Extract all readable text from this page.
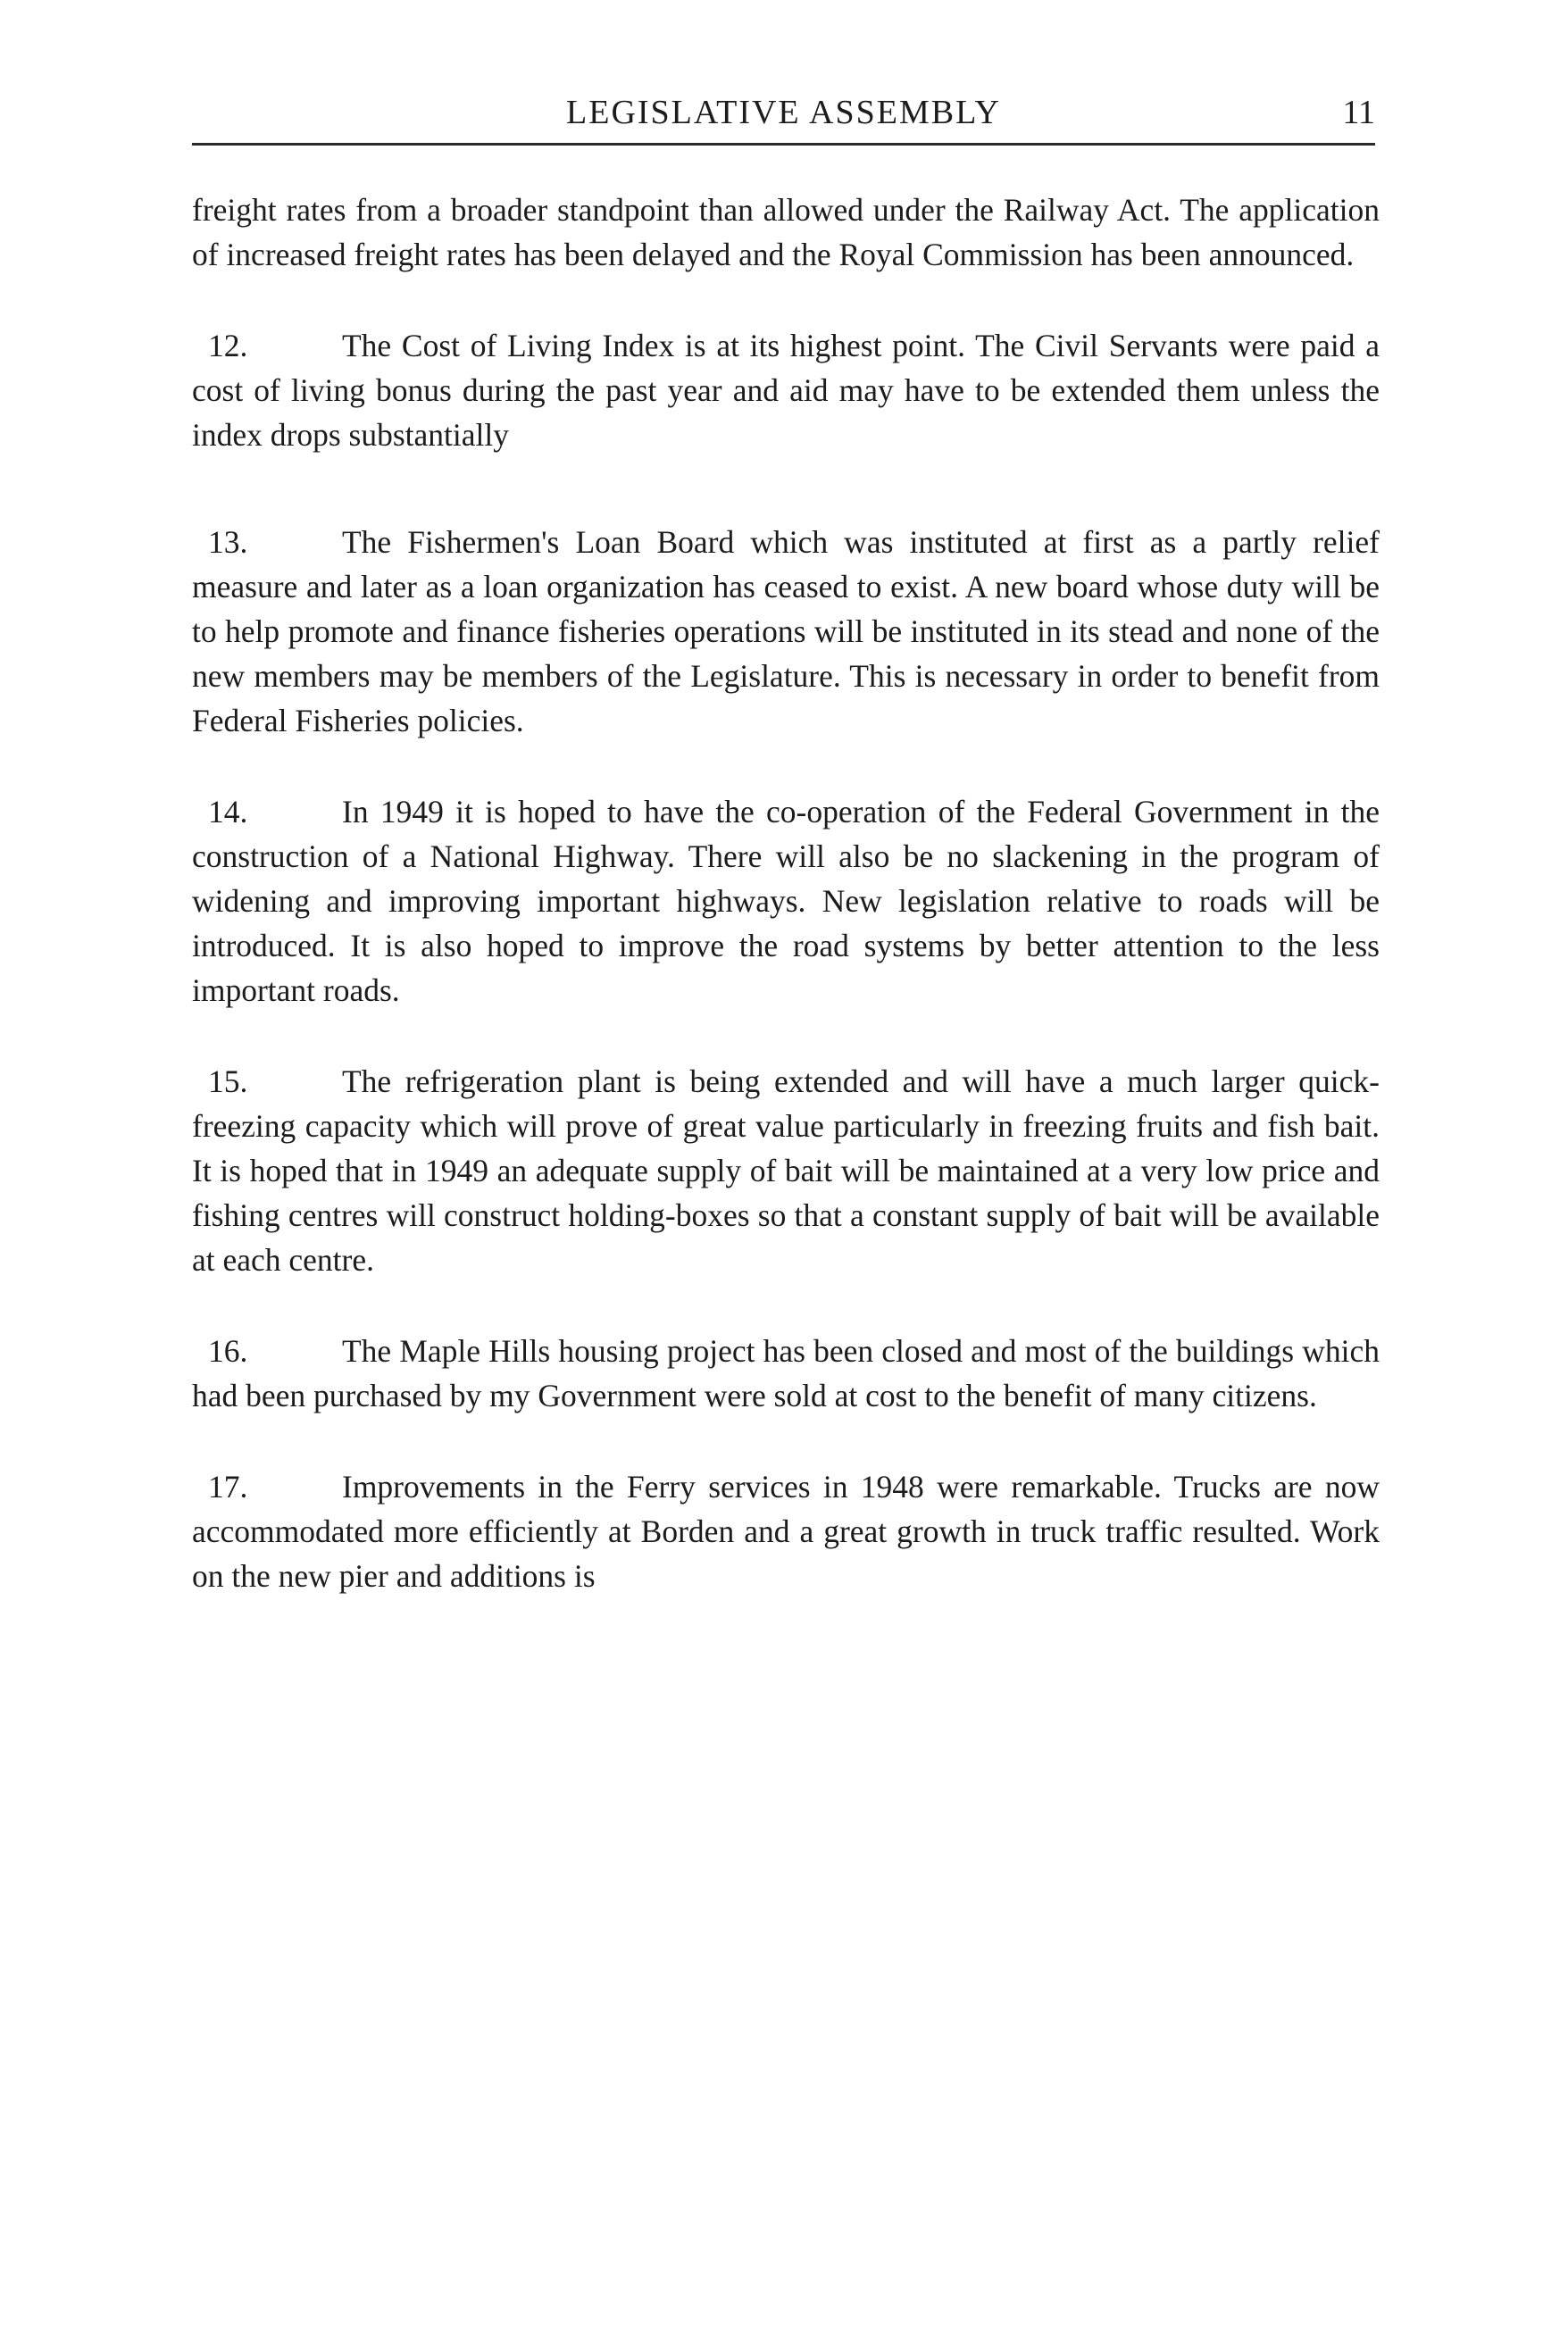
LEGISLATIVE ASSEMBLY	11

freight rates from a broader standpoint than allowed under the Railway Act. The application of increased freight rates has been delayed and the Royal Commission has been announced.

12.	The Cost of Living Index is at its highest point. The Civil Servants were paid a cost of living bonus during the past year and aid may have to be extended them unless the index drops substantially

13.	The Fishermen's Loan Board which was instituted at first as a partly relief measure and later as a loan organization has ceased to exist. A new board whose duty will be to help promote and finance fisheries operations will be instituted in its stead and none of the new members may be members of the Legislature. This is necessary in order to benefit from Federal Fisheries policies.

14.	In 1949 it is hoped to have the co-operation of the Federal Government in the construction of a National Highway. There will also be no slackening in the program of widening and improving important highways. New legislation relative to roads will be introduced. It is also hoped to improve the road systems by better attention to the less important roads.

15.	The refrigeration plant is being extended and will have a much larger quick-freezing capacity which will prove of great value particularly in freezing fruits and fish bait. It is hoped that in 1949 an adequate supply of bait will be maintained at a very low price and fishing centres will construct holding-boxes so that a constant supply of bait will be available at each centre.

16.	The Maple Hills housing project has been closed and most of the buildings which had been purchased by my Government were sold at cost to the benefit of many citizens.

17.	Improvements in the Ferry services in 1948 were remarkable. Trucks are now accommodated more efficiently at Borden and a great growth in truck traffic resulted. Work on the new pier and additions is
